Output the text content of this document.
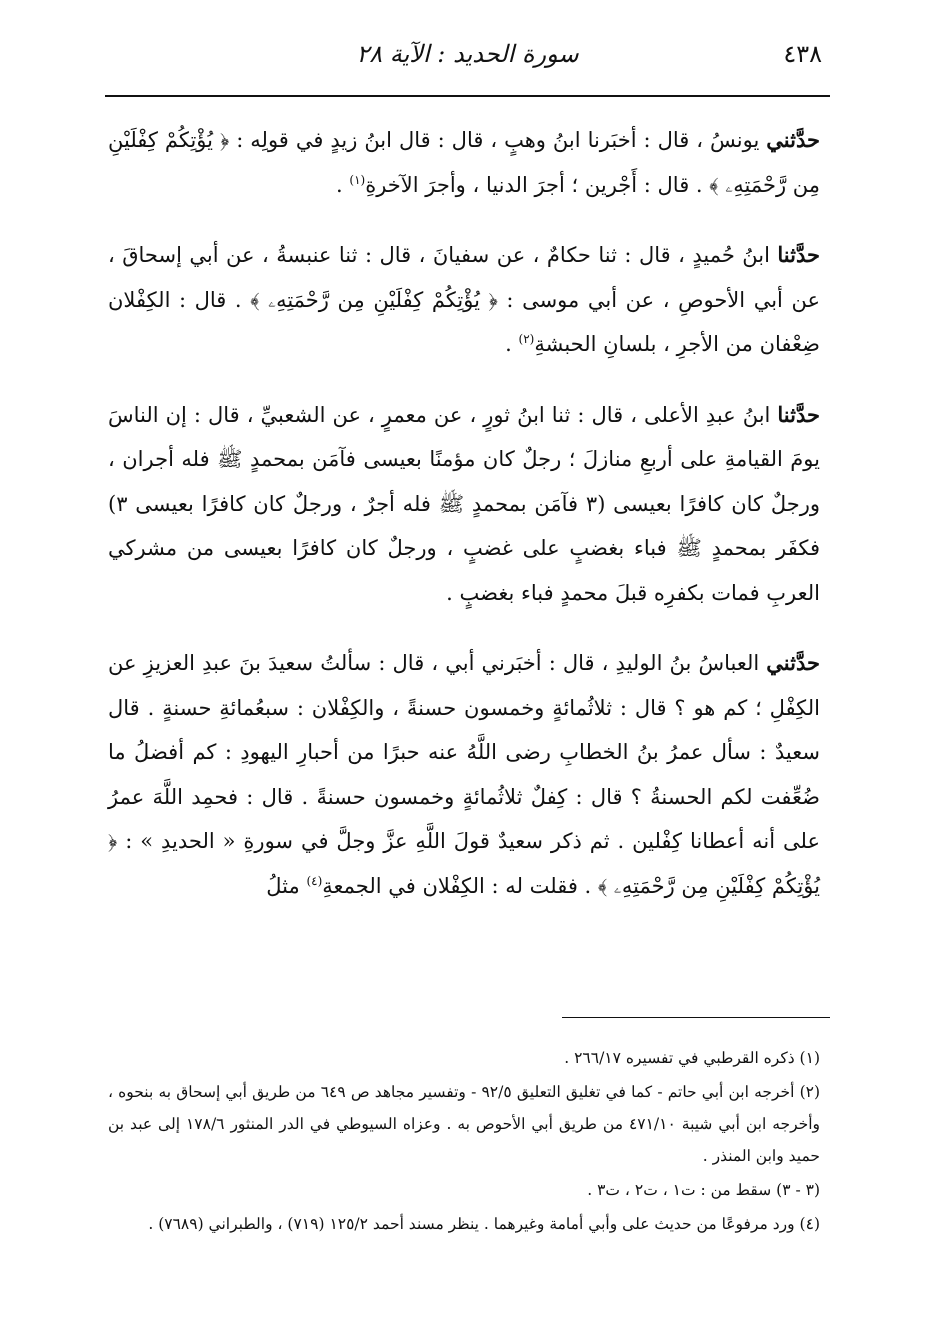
٤٣٨
سورة الحديد : الآية ٢٨

حدَّثني يونسُ ، قال : أخبَرنا ابنُ وهبٍ ، قال : قال ابنُ زيدٍ في قولِه : ﴿ يُؤْتِكُمْ كِفْلَيْنِ مِن رَّحْمَتِهِۦ ﴾ . قال : أَجْرين ؛ أجرَ الدنيا ، وأجرَ الآخرةِ$^{(١)}$ .

حدَّثنا ابنُ حُميدٍ ، قال : ثنا حكامٌ ، عن سفيانَ ، قال : ثنا عنبسةُ ، عن أبي إسحاقَ ، عن أبي الأحوصِ ، عن أبي موسى : ﴿ يُؤْتِكُمْ كِفْلَيْنِ مِن رَّحْمَتِهِۦ ﴾ . قال : الكِفْلان ضِعْفان من الأجرِ ، بلسانِ الحبشةِ$^{(٢)}$ .

حدَّثنا ابنُ عبدِ الأعلى ، قال : ثنا ابنُ ثورٍ ، عن معمرٍ ، عن الشعبيِّ ، قال : إن الناسَ يومَ القيامةِ على أربعِ منازلَ ؛ رجلٌ كان مؤمنًا بعيسى فآمَن بمحمدٍ ﷺ فله أجران ، ورجلٌ كان كافرًا بعيسى (٣ فآمَن بمحمدٍ ﷺ فله أجرٌ ، ورجلٌ كان كافرًا بعيسى ٣) فكفَر بمحمدٍ ﷺ فباء بغضبٍ على غضبٍ ، ورجلٌ كان كافرًا بعيسى من مشركي العربِ فمات بكفرِه قبلَ محمدٍ فباء بغضبٍ .

حدَّثني العباسُ بنُ الوليدِ ، قال : أخبَرني أبي ، قال : سألتُ سعيدَ بنَ عبدِ العزيزِ عن الكِفْلِ ؛ كم هو ؟ قال : ثلاثُمائةٍ وخمسون حسنةً ، والكِفْلان : سبعُمائةِ حسنةٍ . قال سعيدٌ : سأل عمرُ بنُ الخطابِ رضى اللَّهُ عنه حبرًا من أحبارِ اليهودِ : كم أفضلُ ما ضُعِّفت لكم الحسنةُ ؟ قال : كِفلٌ ثلاثُمائةٍ وخمسون حسنةً . قال : فحمِد اللَّهَ عمرُ على أنه أعطانا كِفْلين . ثم ذكر سعيدٌ قولَ اللَّهِ عزَّ وجلَّ في سورةِ « الحديدِ » : ﴿ يُؤْتِكُمْ كِفْلَيْنِ مِن رَّحْمَتِهِۦ ﴾ . فقلت له : الكِفْلان في الجمعةِ$^{(٤)}$ مثلُ

(١) ذكره القرطبي في تفسيره ٢٦٦/١٧ .

(٢) أخرجه ابن أبي حاتم - كما في تغليق التعليق ٩٢/٥ - وتفسير مجاهد ص ٦٤٩ من طريق أبي إسحاق به بنحوه ، وأخرجه ابن أبي شيبة ٤٧١/١٠ من طريق أبي الأحوص به . وعزاه السيوطي في الدر المنثور ١٧٨/٦ إلى عبد بن حميد وابن المنذر .

(٣ - ٣) سقط من : ت١ ، ت٢ ، ت٣ .

(٤) ورد مرفوعًا من حديث على وأبي أمامة وغيرهما . ينظر مسند أحمد ١٢٥/٢ (٧١٩) ، والطبراني (٧٦٨٩) .
